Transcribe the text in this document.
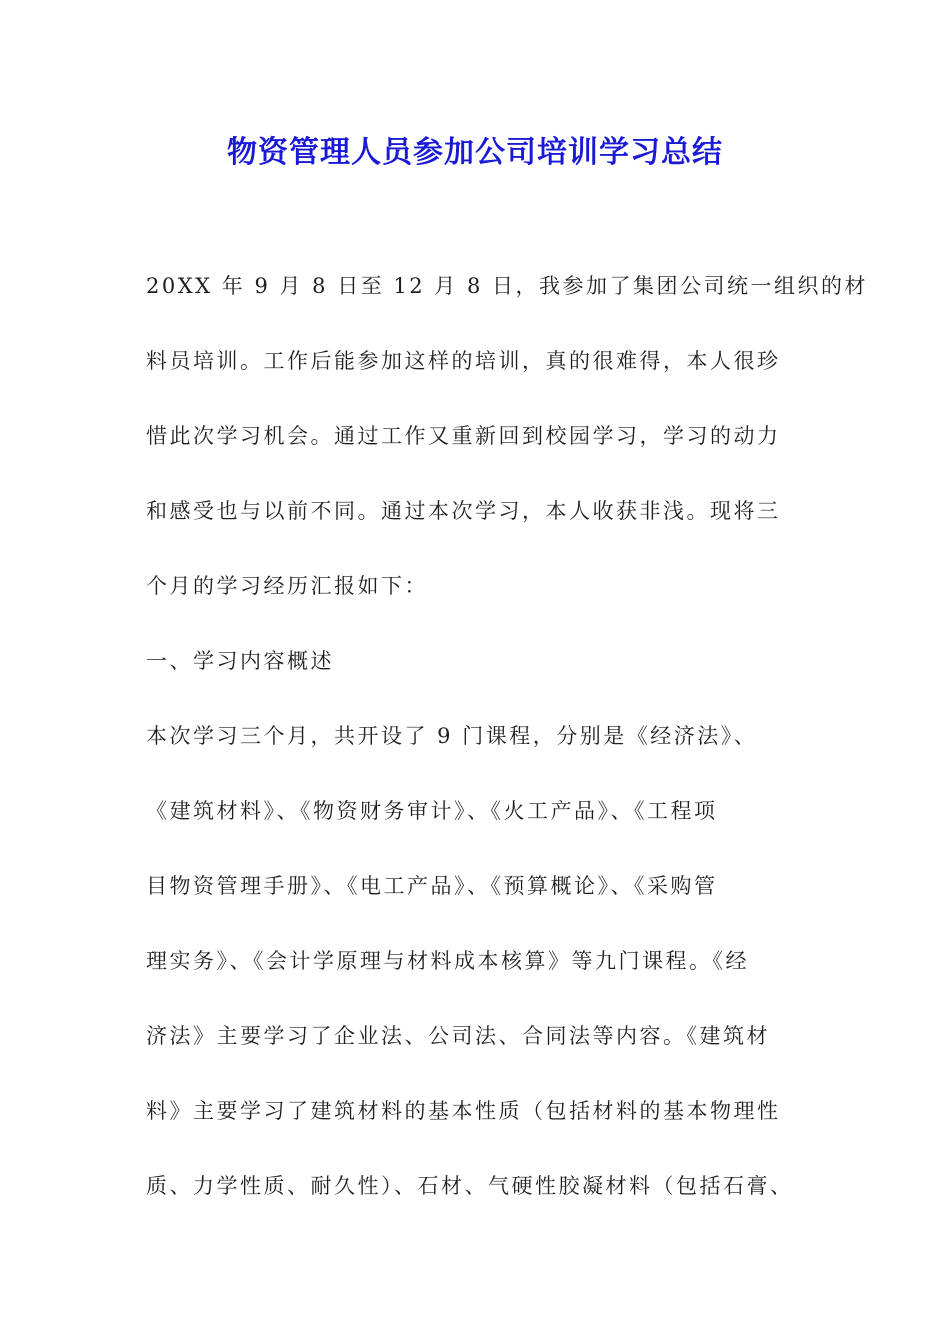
物资管理人员参加公司培训学习总结
20XX 年 9 月 8 日至 12 月 8 日，我参加了集团公司统一组织的材
料员培训。工作后能参加这样的培训，真的很难得，本人很珍
惜此次学习机会。通过工作又重新回到校园学习，学习的动力
和感受也与以前不同。通过本次学习，本人收获非浅。现将三
个月的学习经历汇报如下：
一、学习内容概述
本次学习三个月，共开设了 9 门课程，分别是《经济法》、
《建筑材料》、《物资财务审计》、《火工产品》、《工程项
目物资管理手册》、《电工产品》、《预算概论》、《采购管
理实务》、《会计学原理与材料成本核算》等九门课程。《经
济法》主要学习了企业法、公司法、合同法等内容。《建筑材
料》主要学习了建筑材料的基本性质（包括材料的基本物理性
质、力学性质、耐久性）、石材、气硬性胶凝材料（包括石膏、
